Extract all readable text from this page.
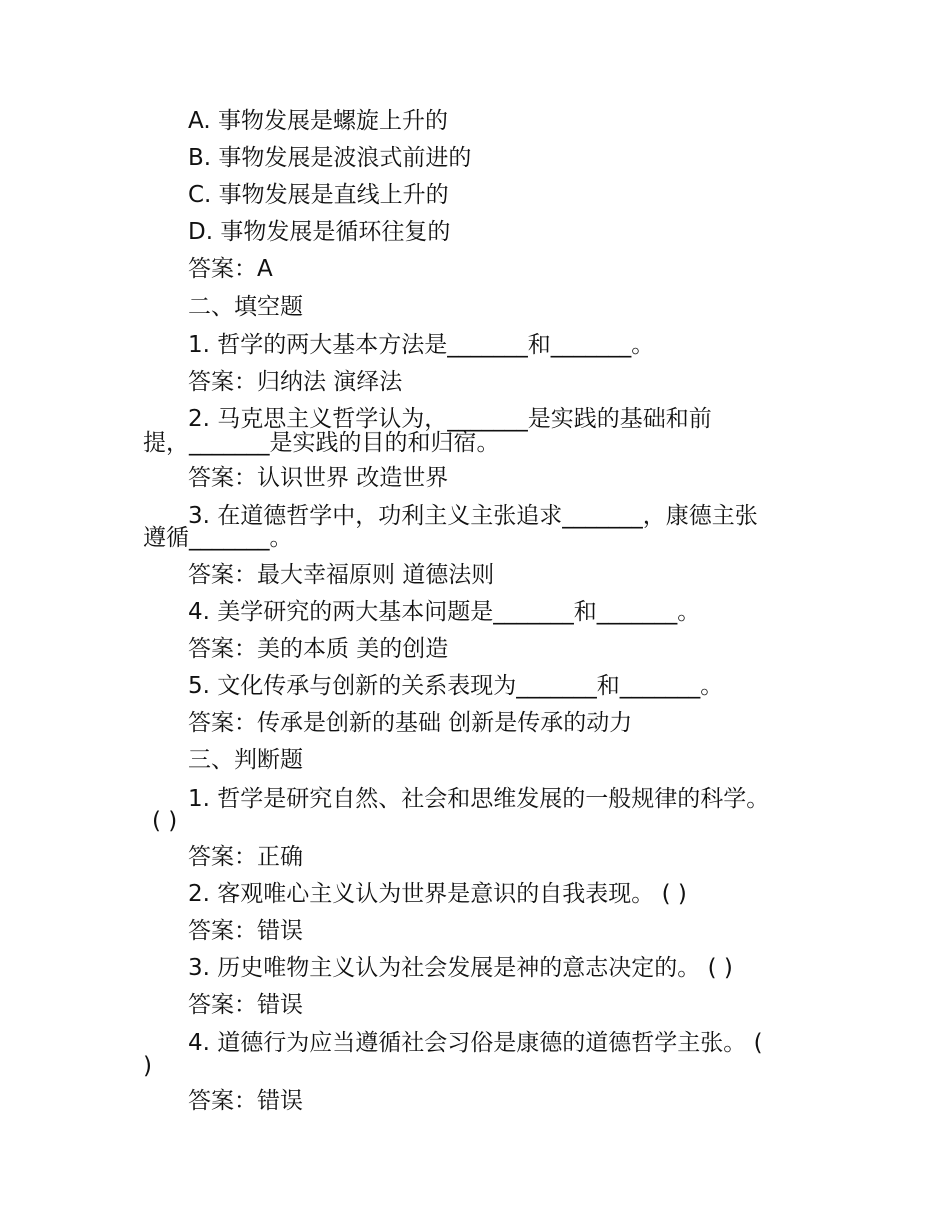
A. 事物发展是螺旋上升的
B. 事物发展是波浪式前进的
C. 事物发展是直线上升的
D. 事物发展是循环往复的
答案：A
二、填空题
1. 哲学的两大基本方法是_______和_______。
答案：归纳法 演绎法
2. 马克思主义哲学认为，_______是实践的基础和前
提，_______是实践的目的和归宿。
答案：认识世界 改造世界
3. 在道德哲学中，功利主义主张追求_______，康德主张
遵循_______。
答案：最大幸福原则 道德法则
4. 美学研究的两大基本问题是_______和_______。
答案：美的本质 美的创造
5. 文化传承与创新的关系表现为_______和_______。
答案：传承是创新的基础 创新是传承的动力
三、判断题
1. 哲学是研究自然、社会和思维发展的一般规律的科学。
( )
答案：正确
2. 客观唯心主义认为世界是意识的自我表现。 ( )
答案：错误
3. 历史唯物主义认为社会发展是神的意志决定的。 ( )
答案：错误
4. 道德行为应当遵循社会习俗是康德的道德哲学主张。 (
)
答案：错误
